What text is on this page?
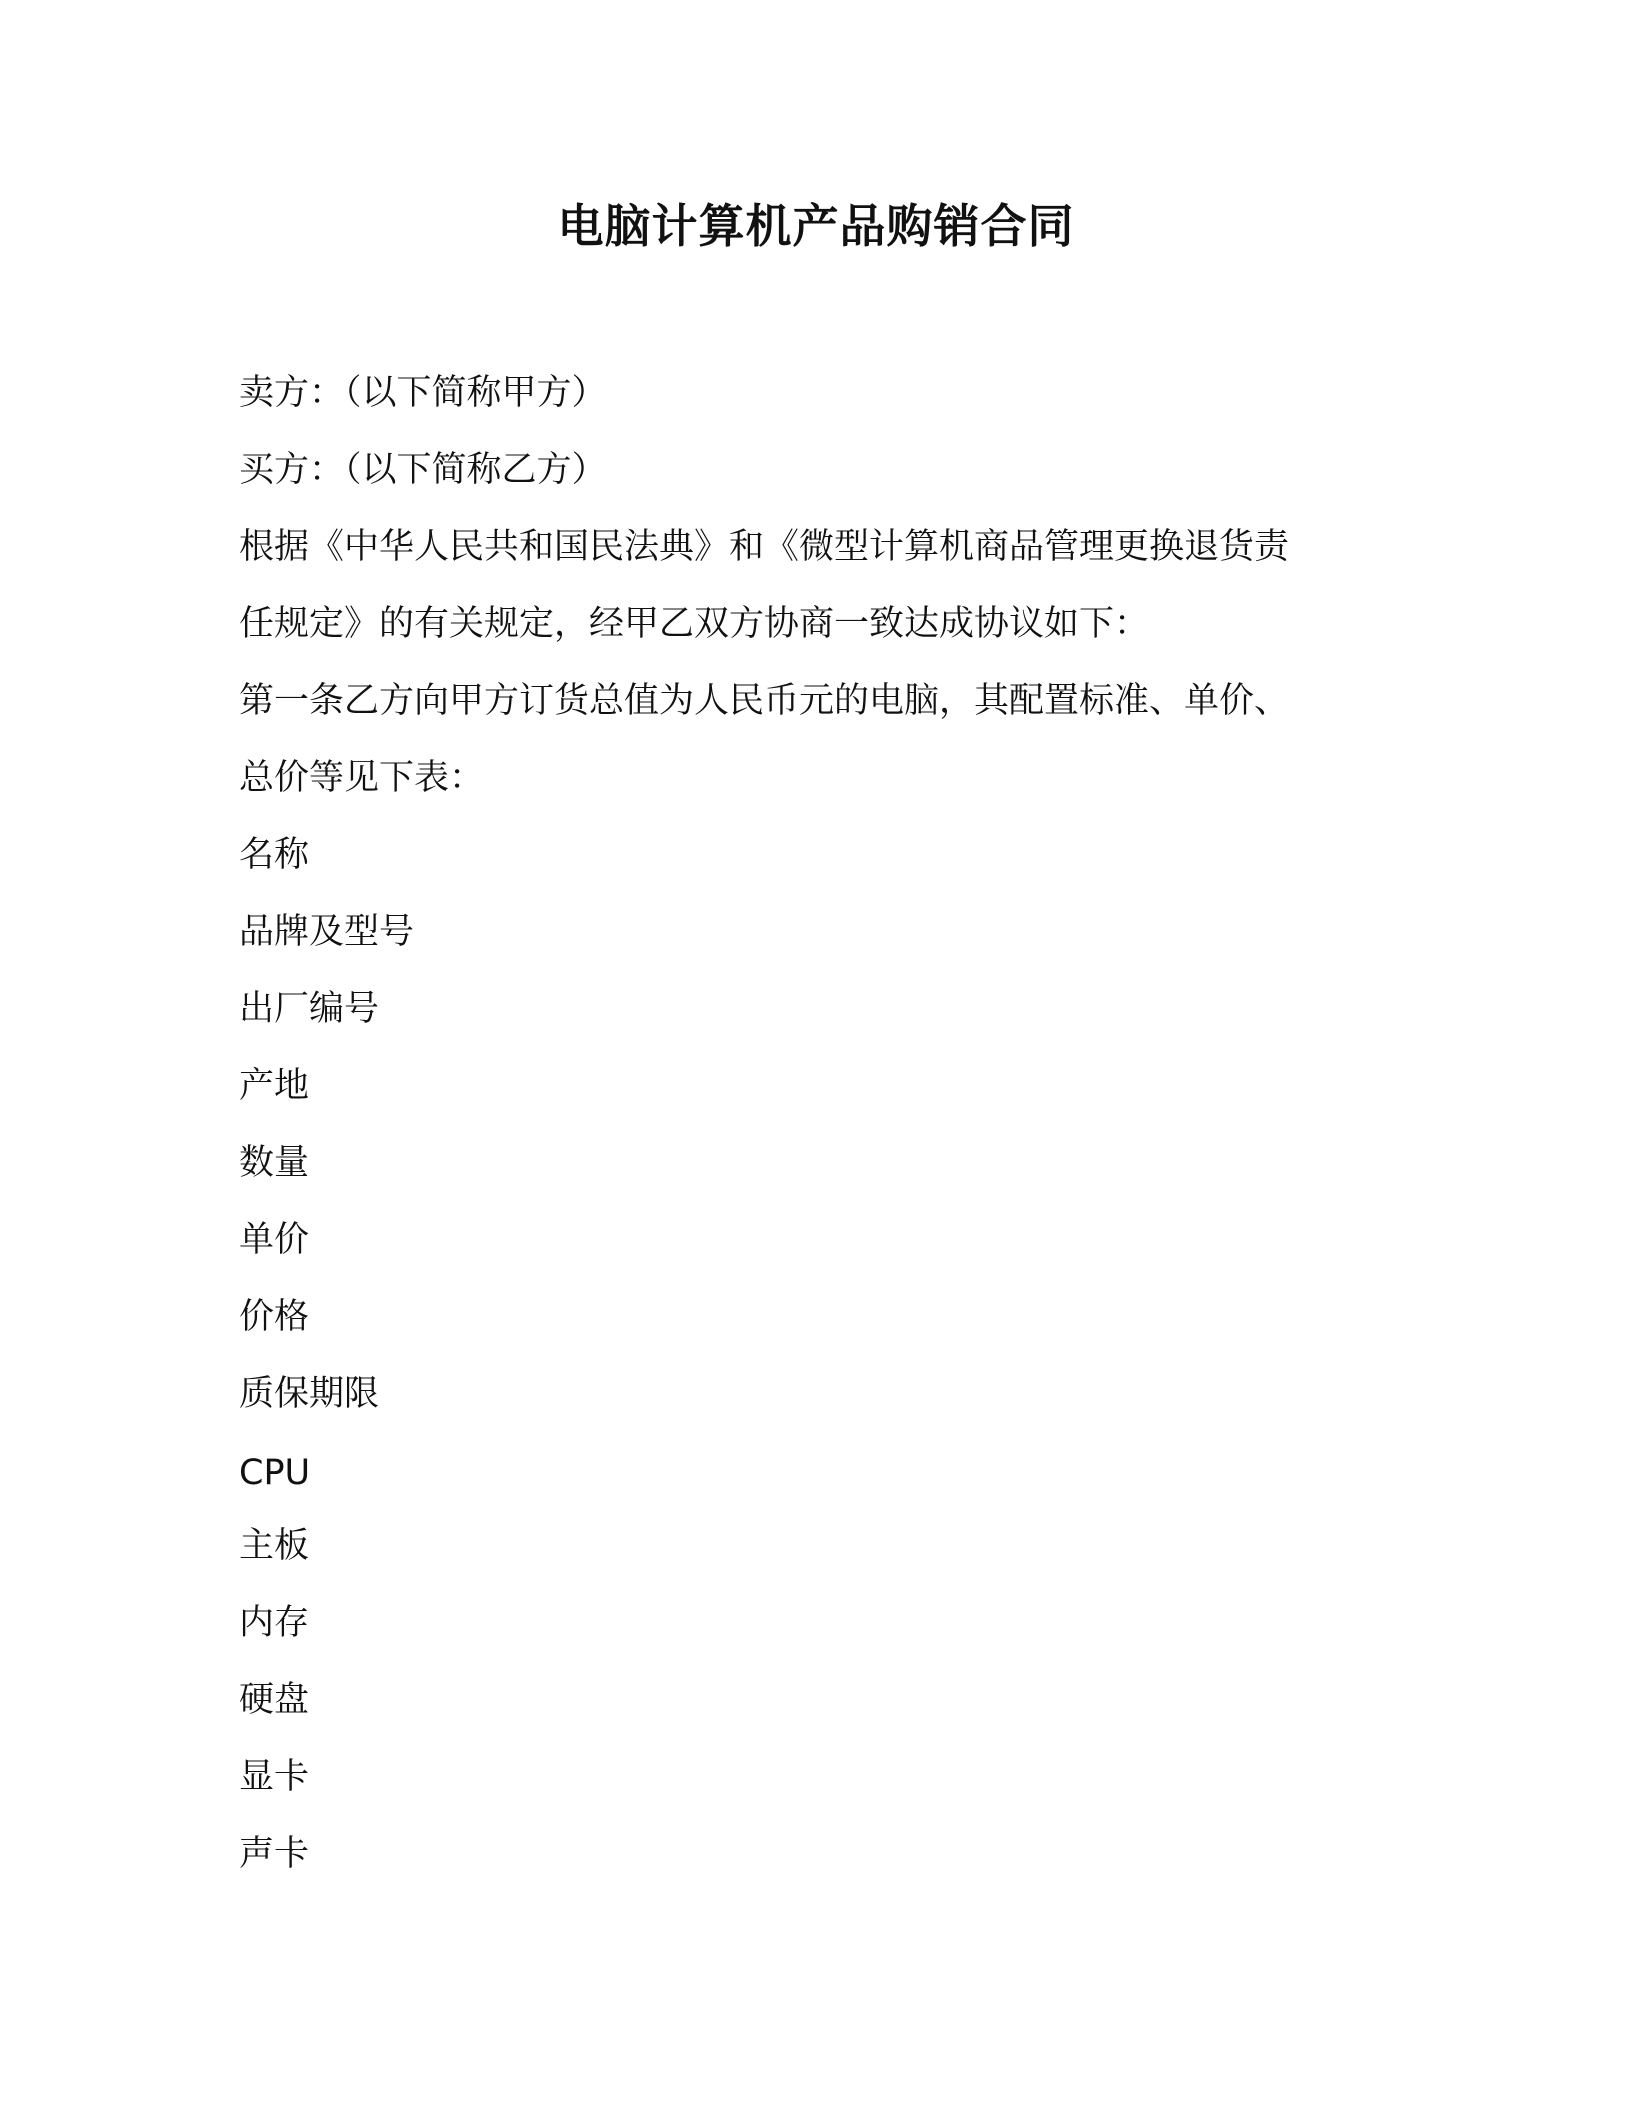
电脑计算机产品购销合同

卖方：（以下简称甲方）

买方：（以下简称乙方）

根据《中华人民共和国民法典》和《微型计算机商品管理更换退货责

任规定》的有关规定，经甲乙双方协商一致达成协议如下：

第一条乙方向甲方订货总值为人民币元的电脑，其配置标准、单价、

总价等见下表：

名称

品牌及型号

出厂编号

产地

数量

单价

价格

质保期限

CPU

主板

内存

硬盘

显卡

声卡
